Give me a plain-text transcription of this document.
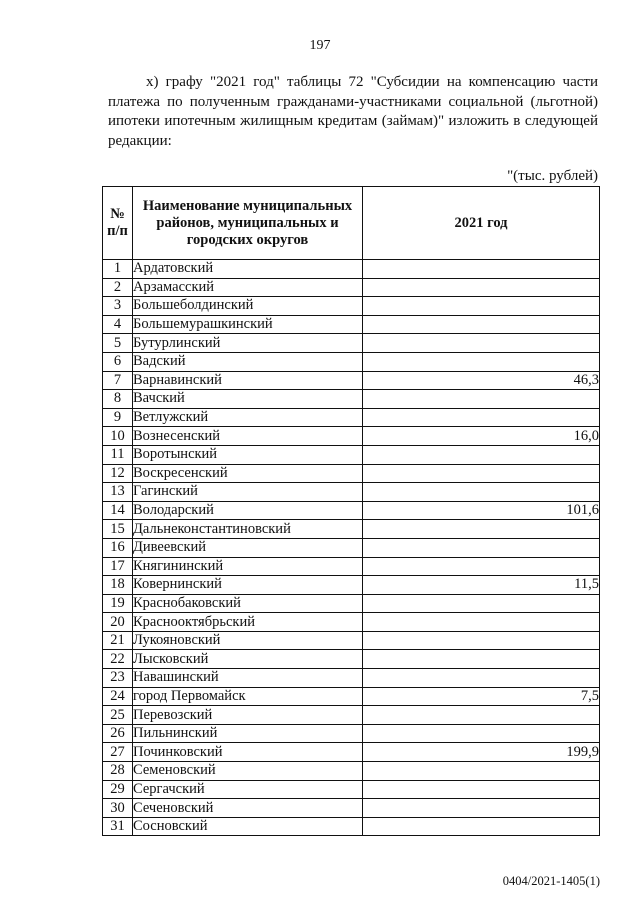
197
х) графу "2021 год" таблицы 72 "Субсидии на компенсацию части платежа по полученным гражданами-участниками социальной (льготной) ипотеки ипотечным жилищным кредитам (займам)" изложить в следующей редакции:
"(тыс. рублей)
№ п/п	Наименование муниципальных районов, муниципальных и городских округов	2021 год
1	Ардатовский	
2	Арзамасский	
3	Большеболдинский	
4	Большемурашкинский	
5	Бутурлинский	
6	Вадский	
7	Варнавинский	46,3
8	Вачский	
9	Ветлужский	
10	Вознесенский	16,0
11	Воротынский	
12	Воскресенский	
13	Гагинский	
14	Володарский	101,6
15	Дальнеконстантиновский	
16	Дивеевский	
17	Княгининский	
18	Ковернинский	11,5
19	Краснобаковский	
20	Краснооктябрьский	
21	Лукояновский	
22	Лысковский	
23	Навашинский	
24	город Первомайск	7,5
25	Перевозский	
26	Пильнинский	
27	Починковский	199,9
28	Семеновский	
29	Сергачский	
30	Сеченовский	
31	Сосновский	
0404/2021-1405(1)
